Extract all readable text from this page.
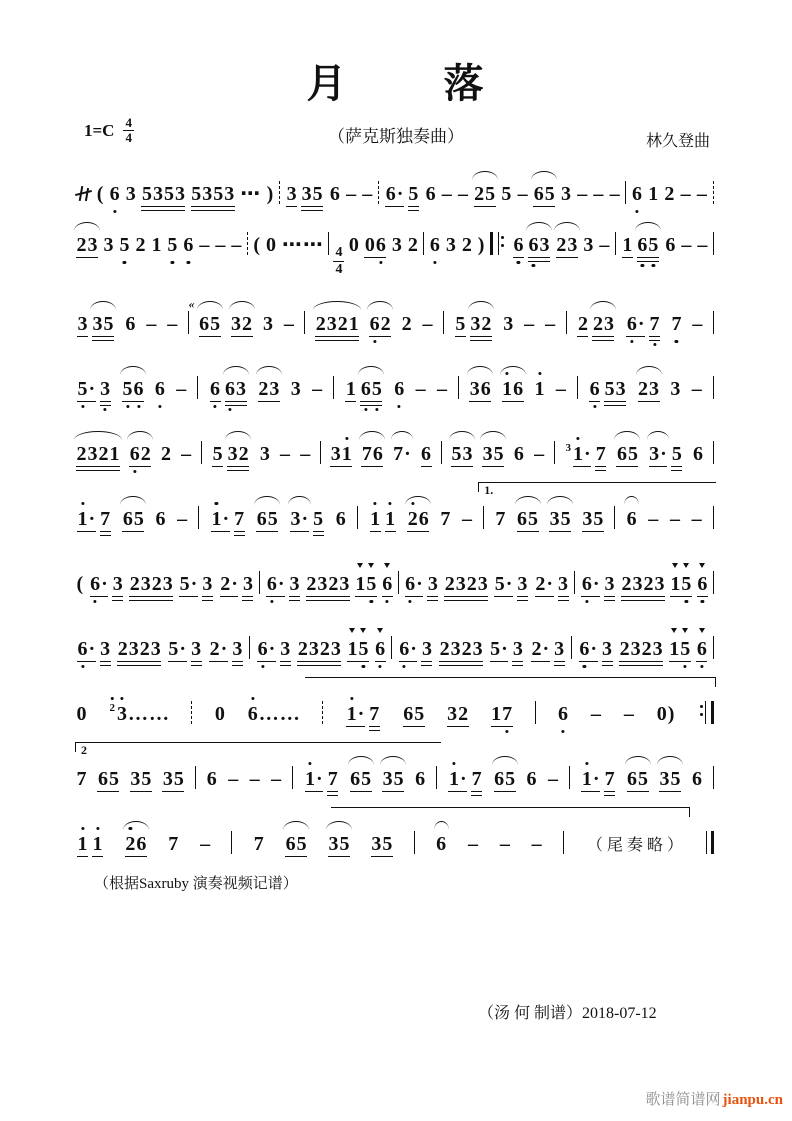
月 落
1=C 4
4	（萨克斯独奏曲）	林久登曲
( 6 3 5353 5353 ⋯ ) 3 35 6 – – 6· 5 6 – – 25 5 – 65 3 – – – 6 1 2 – –
23 3 5 2 1 5 6 – – – ( 0 ⋯⋯ 4
4
0 06 3 2 6 3 2 ) 6 6
3 23 3 – 1 6
5 6 – –
3 35 6 – –
«
65 32 3 – 2321 6
2 2 – 5 32 3 – – 2 23 6
· 7 7 –
5
· 3 5
6 6 – 6 6
3 23 3 – 1 6
5 6 – – 36 1
6 1 – 6 53 23 3 –
2321 6
2 2 – 5 32 3 – – 31 76 7· 6 53 35 6 – 3 1
· 7 65 3· 5 6
1.
1
· 7 65 6 – 1
· 7 65 3· 5 6 1 1 2
6 7 – 7 65 35 35 6 – – –
( 6
· 3 2323 5· 3 2· 3 6
· 3 2323 1
5 6 6
· 3 2323 5· 3 2· 3 6
· 3 2323 1
5 6
6
· 3 2323 5· 3 2· 3 6
· 3 2323 1
5 6 6
· 3 2323 5· 3 2· 3 6
· 3 2323 1
5 6
0 2 3
…… 0 6
…… 1
· 7 65 32 17 6 – – 0)
2
7 65 35 35 6 – – – 1
· 7 65 35 6 1
· 7 65 6 – 1
· 7 65 35 6
1 1 2
6 7 – 7 65 35 35 6 – – –	（ 尾 奏 略 ）
（根据Saxruby 演奏视频记谱）
（汤 何 制谱）2018-07-12
歌谱简谱网 jianpu.cn
